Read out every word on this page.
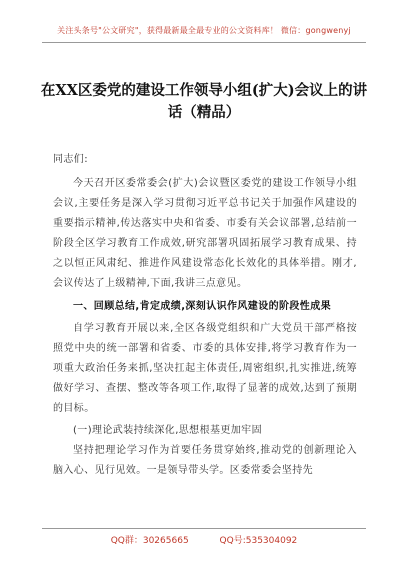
关注头条号"公文研究"，获得最新最全最专业的公文资料库！ 微信：gongwenyj
在XX区委党的建设工作领导小组(扩大)会议上的讲话（精品）

同志们:

今天召开区委常委会(扩大)会议暨区委党的建设工作领导小组会议,主要任务是深入学习贯彻习近平总书记关于加强作风建设的重要指示精神,传达落实中央和省委、市委有关会议部署,总结前一阶段全区学习教育工作成效,研究部署巩固拓展学习教育成果、持之以恒正风肃纪、推进作风建设常态化长效化的具体举措。刚才,会议传达了上级精神,下面,我讲三点意见。

一、回顾总结,肯定成绩,深刻认识作风建设的阶段性成果

自学习教育开展以来,全区各级党组织和广大党员干部严格按照党中央的统一部署和省委、市委的具体安排,将学习教育作为一项重大政治任务来抓,坚决扛起主体责任,周密组织,扎实推进,统筹做好学习、查摆、整改等各项工作,取得了显著的成效,达到了预期的目标。

(一)理论武装持续深化,思想根基更加牢固

坚持把理论学习作为首要任务贯穿始终,推动党的创新理论入脑入心、见行见效。一是领导带头学。区委常委会坚持先

QQ群：30265665	QQ号:535304092
